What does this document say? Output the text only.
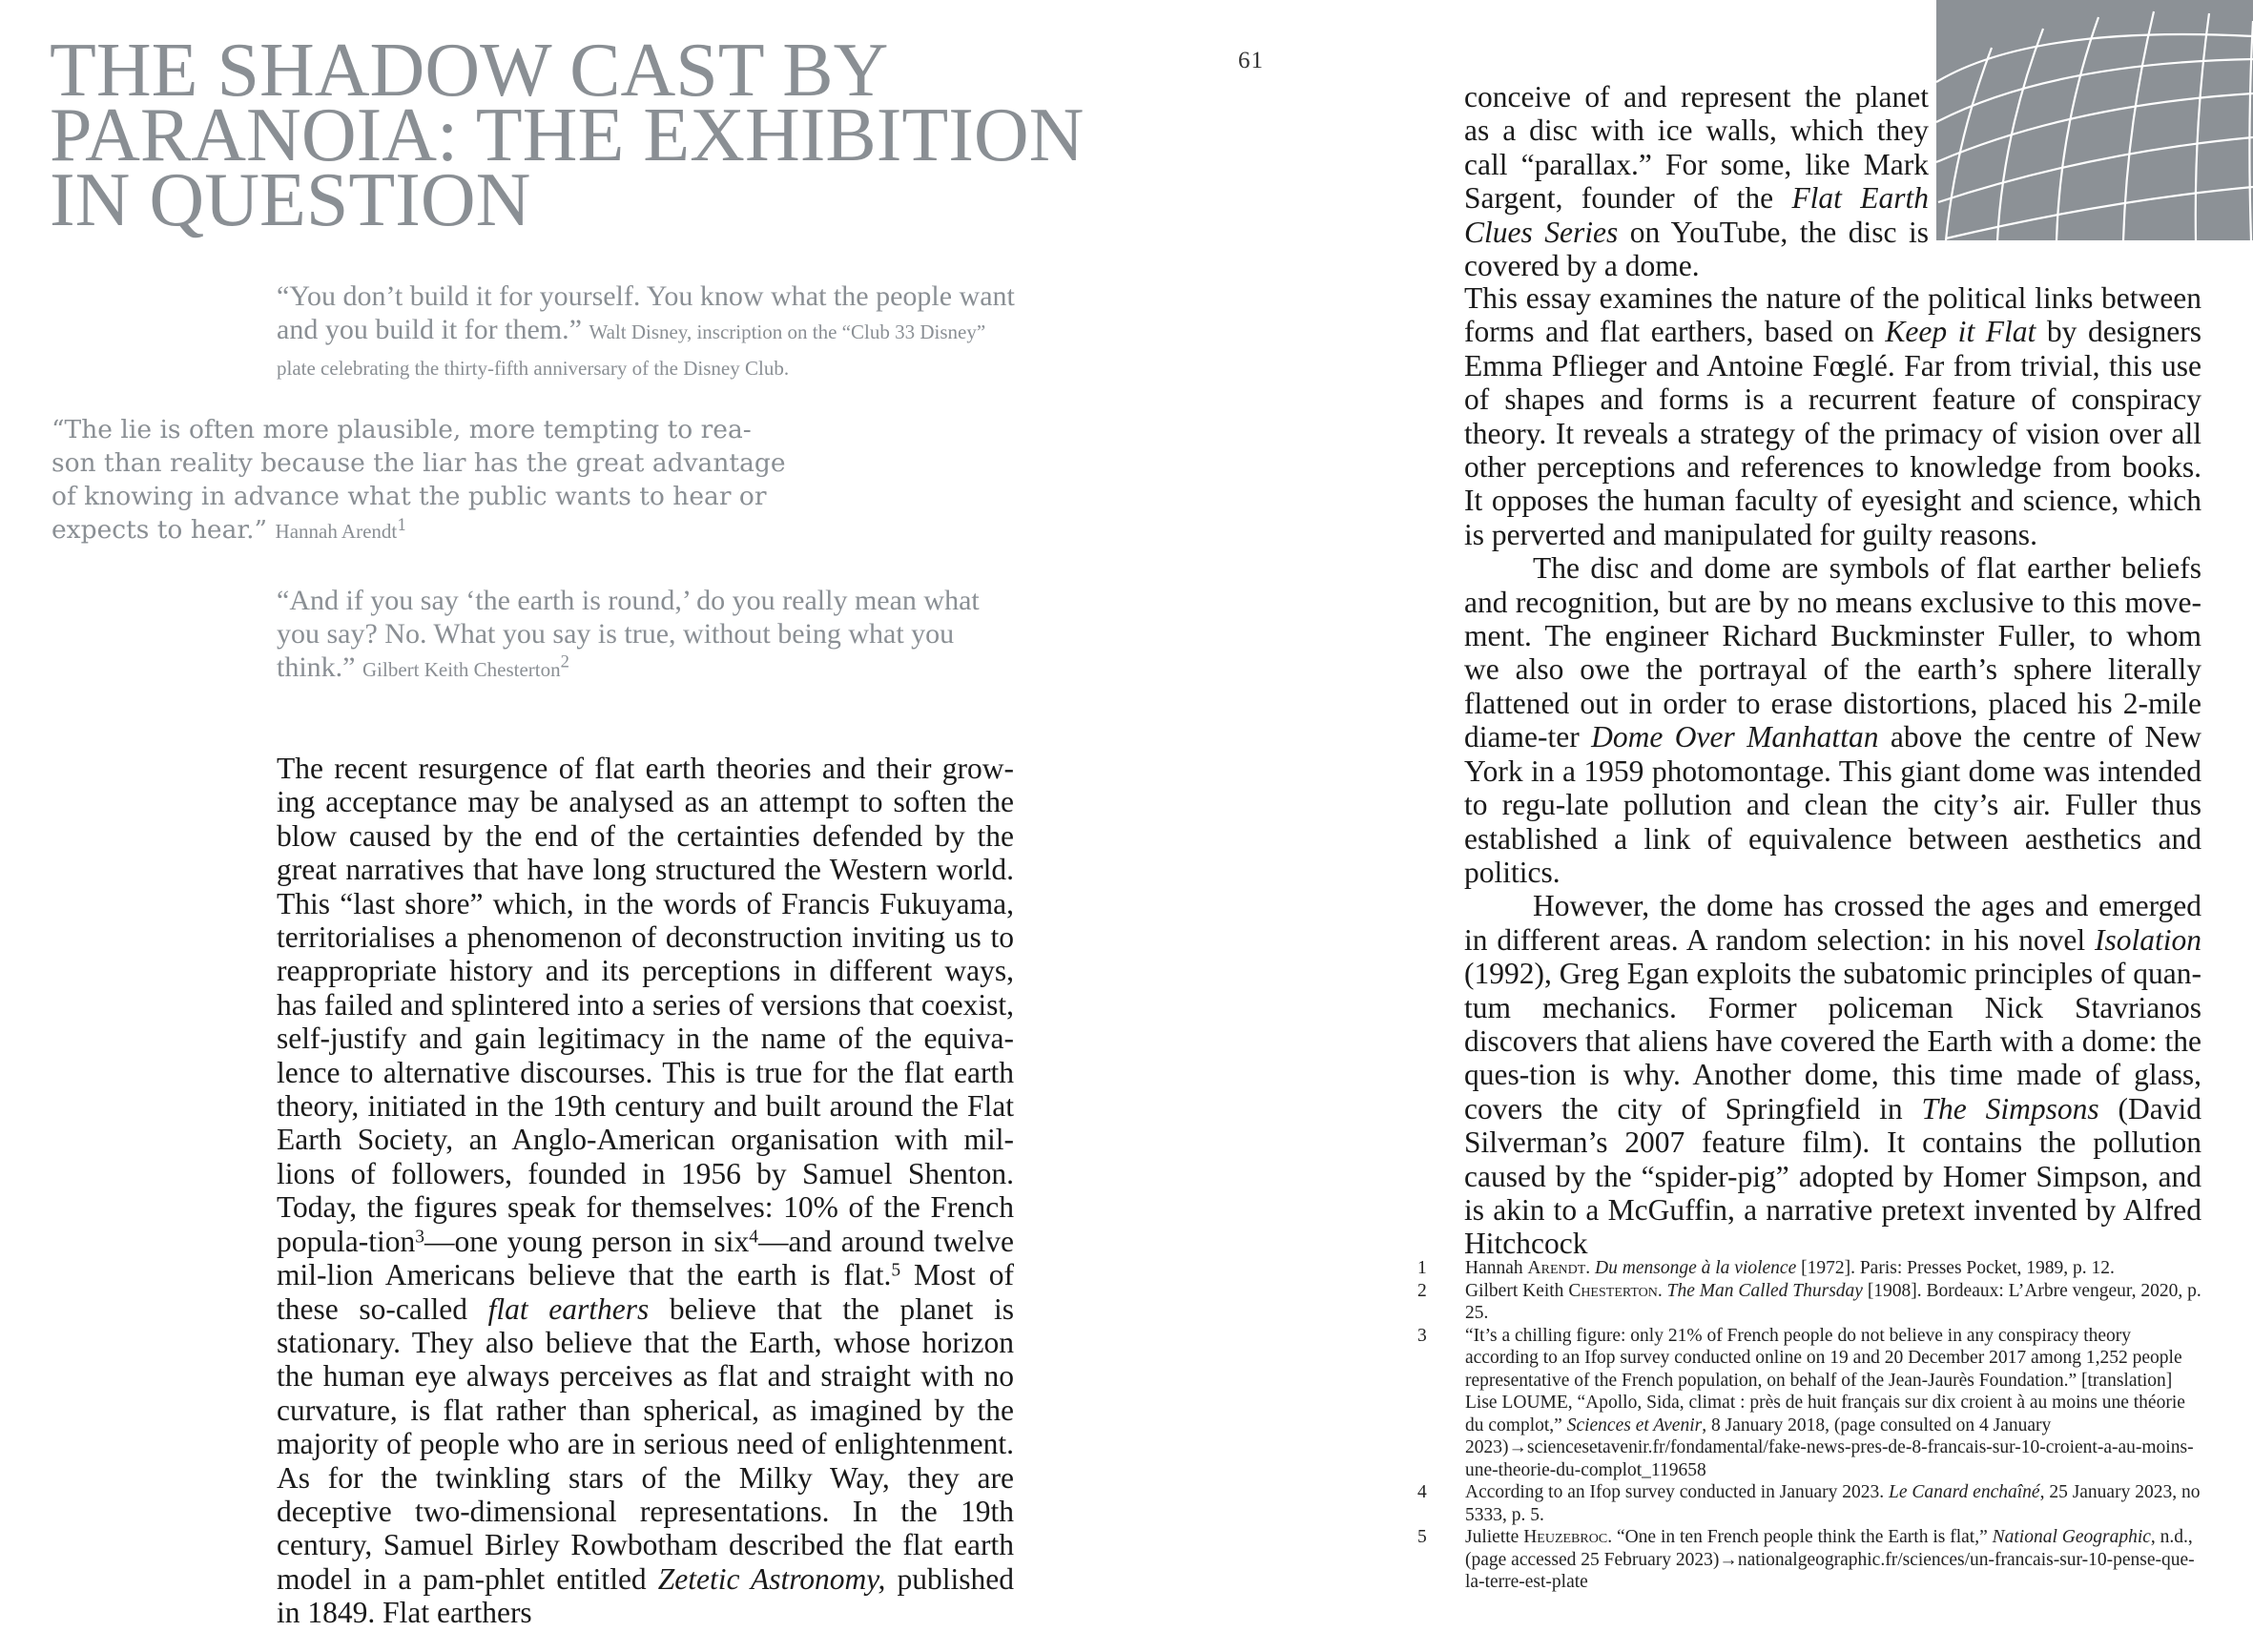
THE SHADOW CAST BY
PARANOIA: THE EXHIBITION
IN QUESTION
61

“You don’t build it for yourself. You know what the people want and you build it for them.” Walt Disney, inscription on the “Club 33 Disney” plate celebrating the thirty-fifth anniversary of the Disney Club.

“The lie is often more plausible, more tempting to rea-son than reality because the liar has the great advantage of knowing in advance what the public wants to hear or expects to hear.” Hannah Arendt$^1$

“And if you say ‘the earth is round,’ do you really mean what you say? No. What you say is true, without being what you think.” Gilbert Keith Chesterton$^2$

The recent resurgence of flat earth theories and their grow-ing acceptance may be analysed as an attempt to soften the blow caused by the end of the certainties defended by the great narratives that have long structured the Western world. This “last shore” which, in the words of Francis Fukuyama, territorialises a phenomenon of deconstruction inviting us to reappropriate history and its perceptions in different ways, has failed and splintered into a series of versions that coexist, self-justify and gain legitimacy in the name of the equiva-lence to alternative discourses. This is true for the flat earth theory, initiated in the 19th century and built around the Flat Earth Society, an Anglo-American organisation with mil-lions of followers, founded in 1956 by Samuel Shenton. Today, the figures speak for themselves: 10% of the French popula-tion$^3$—one young person in six$^4$—and around twelve mil-lion Americans believe that the earth is flat.$^5$ Most of these so-called flat earthers believe that the planet is stationary. They also believe that the Earth, whose horizon the human eye always perceives as flat and straight with no curvature, is flat rather than spherical, as imagined by the majority of people who are in serious need of enlightenment. As for the twinkling stars of the Milky Way, they are deceptive two-dimensional representations. In the 19th century, Samuel Birley Rowbotham described the flat earth model in a pam-phlet entitled Zetetic Astronomy, published in 1849. Flat earthers

conceive of and represent the planet as a disc with ice walls, which they call “parallax.” For some, like Mark Sargent, founder of the Flat Earth Clues Series on YouTube, the disc is covered by a dome.

This essay examines the nature of the political links between forms and flat earthers, based on Keep it Flat by designers Emma Pflieger and Antoine Fœglé. Far from trivial, this use of shapes and forms is a recurrent feature of conspiracy theory. It reveals a strategy of the primacy of vision over all other perceptions and references to knowledge from books. It opposes the human faculty of eyesight and science, which is perverted and manipulated for guilty reasons.

The disc and dome are symbols of flat earther beliefs and recognition, but are by no means exclusive to this move-ment. The engineer Richard Buckminster Fuller, to whom we also owe the portrayal of the earth’s sphere literally flattened out in order to erase distortions, placed his 2-mile diame-ter Dome Over Manhattan above the centre of New York in a 1959 photomontage. This giant dome was intended to regu-late pollution and clean the city’s air. Fuller thus established a link of equivalence between aesthetics and politics.

However, the dome has crossed the ages and emerged in different areas. A random selection: in his novel Isolation (1992), Greg Egan exploits the subatomic principles of quan-tum mechanics. Former policeman Nick Stavrianos discovers that aliens have covered the Earth with a dome: the ques-tion is why. Another dome, this time made of glass, covers the city of Springfield in The Simpsons (David Silverman’s 2007 feature film). It contains the pollution caused by the “spider-pig” adopted by Homer Simpson, and is akin to a McGuffin, a narrative pretext invented by Alfred Hitchcock

1 Hannah Arendt. Du mensonge à la violence [1972]. Paris: Presses Pocket, 1989, p. 12.
2 Gilbert Keith Chesterton. The Man Called Thursday [1908]. Bordeaux: L’Arbre vengeur, 2020, p. 25.
3 “It’s a chilling figure: only 21% of French people do not believe in any conspiracy theory according to an Ifop survey conducted online on 19 and 20 December 2017 among 1,252 people representative of the French population, on behalf of the Jean-Jaurès Foundation.” [translation] Lise LOUME, “Apollo, Sida, climat : près de huit français sur dix croient à au moins une théorie du complot,” Sciences et Avenir, 8 January 2018, (page consulted on 4 January 2023)→sciencesetavenir.fr/fondamental/fake-news-pres-de-8-francais-sur-10-croient-a-au-moins-une-theorie-du-complot_119658
4 According to an Ifop survey conducted in January 2023. Le Canard enchaîné, 25 January 2023, no 5333, p. 5.
5 Juliette Heuzebroc. “One in ten French people think the Earth is flat,” National Geographic, n.d., (page accessed 25 February 2023)→nationalgeographic.fr/sciences/un-francais-sur-10-pense-que-la-terre-est-plate
